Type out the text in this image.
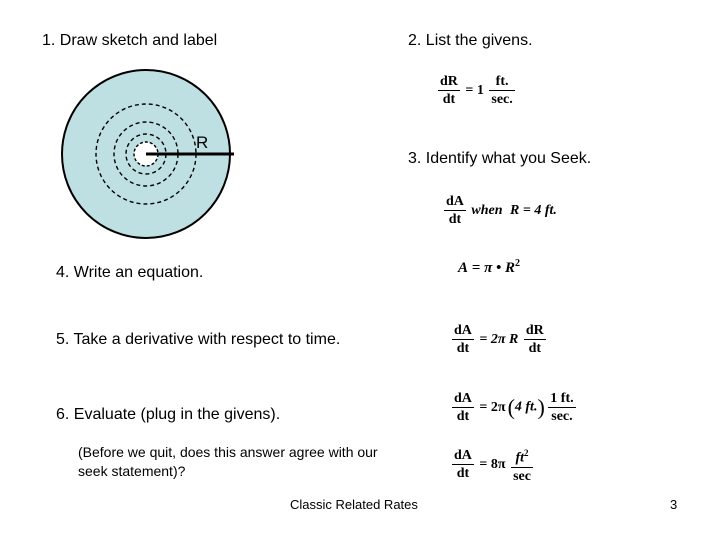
1. Draw sketch and label	2. List the givens.
3. Identify what you Seek.
4. Write an equation.
5. Take a derivative with respect to time.
6. Evaluate (plug in the givens).
(Before we quit, does this answer agree with our seek statement)?
R
$\frac{dR}{dt} = 1 \frac{ft.}{\sec.}$
$\frac{dA}{dt}$ when R = 4 ft.
A = π • $R^2$
$\frac{dA}{dt} = 2\pi$ R $\frac{dR}{dt}$
$\frac{dA}{dt} = 2\pi(4$ $ft.) \frac{1 ft.}{\sec.}$
$\frac{dA}{dt} = 8\pi \frac{ft^2}{\sec}$
Classic Related Rates	3
